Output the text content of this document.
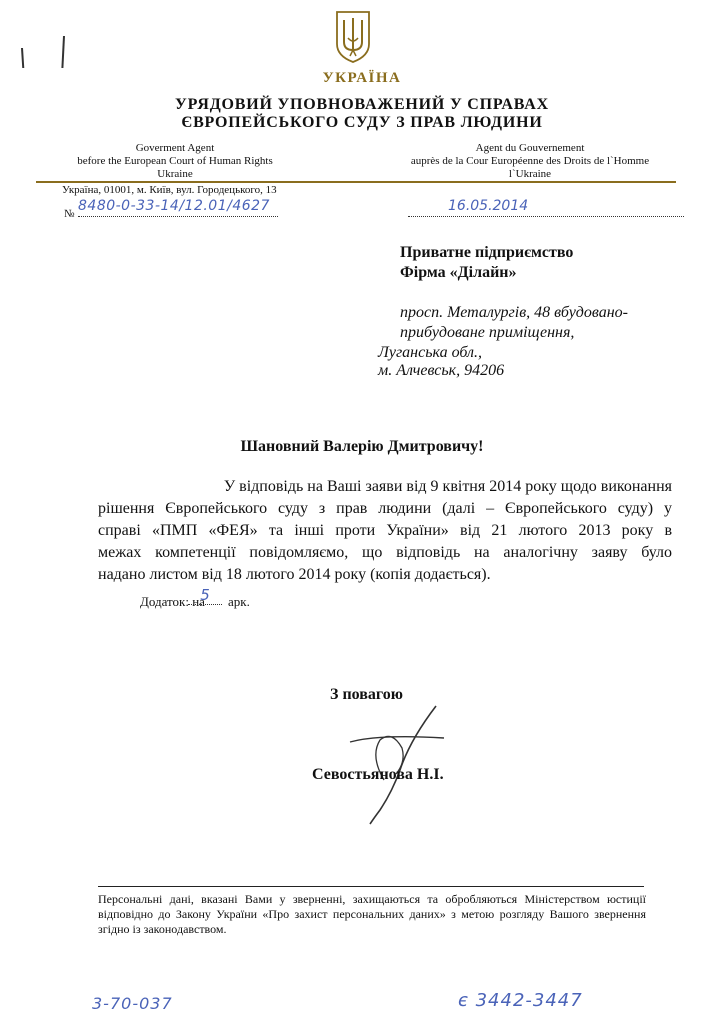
УКРАЇНА
УРЯДОВИЙ УПОВНОВАЖЕНИЙ У СПРАВАХ
ЄВРОПЕЙСЬКОГО СУДУ З ПРАВ ЛЮДИНИ
Goverment Agent
before the European Court of Human Rights
Ukraine
Agent du Gouvernement
auprès de la Cour Européenne des Droits de l`Homme
l`Ukraine
Україна, 01001, м. Київ, вул. Городецького, 13
№ 8480-0-33-14/12.01/4627	16.05.2014
Приватне підприємство
Фірма «Ділайн»
просп. Металургів, 48 вбудовано-
прибудоване приміщення,
Луганська обл.,
м. Алчевськ, 94206
Шановний Валерію Дмитровичу!
У відповідь на Ваші заяви від 9 квітня 2014 року щодо виконання
рішення Європейського суду з прав людини (далі – Європейського суду) у
справі «ПМП «ФЕЯ» та інші проти України» від 21 лютого 2013 року в
межах компетенції повідомляємо, що відповідь на аналогічну заяву було
надано листом від 18 лютого 2014 року (копія додається).
Додаток: на
5	арк.
З повагою
Севостьянова Н.І.
Персональні дані, вказані Вами у зверненні, захищаються та обробляються Міністерством юстиції відповідно до Закону України «Про захист персональних даних» з метою розгляду Вашого звернення згідно із законодавством.
3-70-037	є 3442-3447
